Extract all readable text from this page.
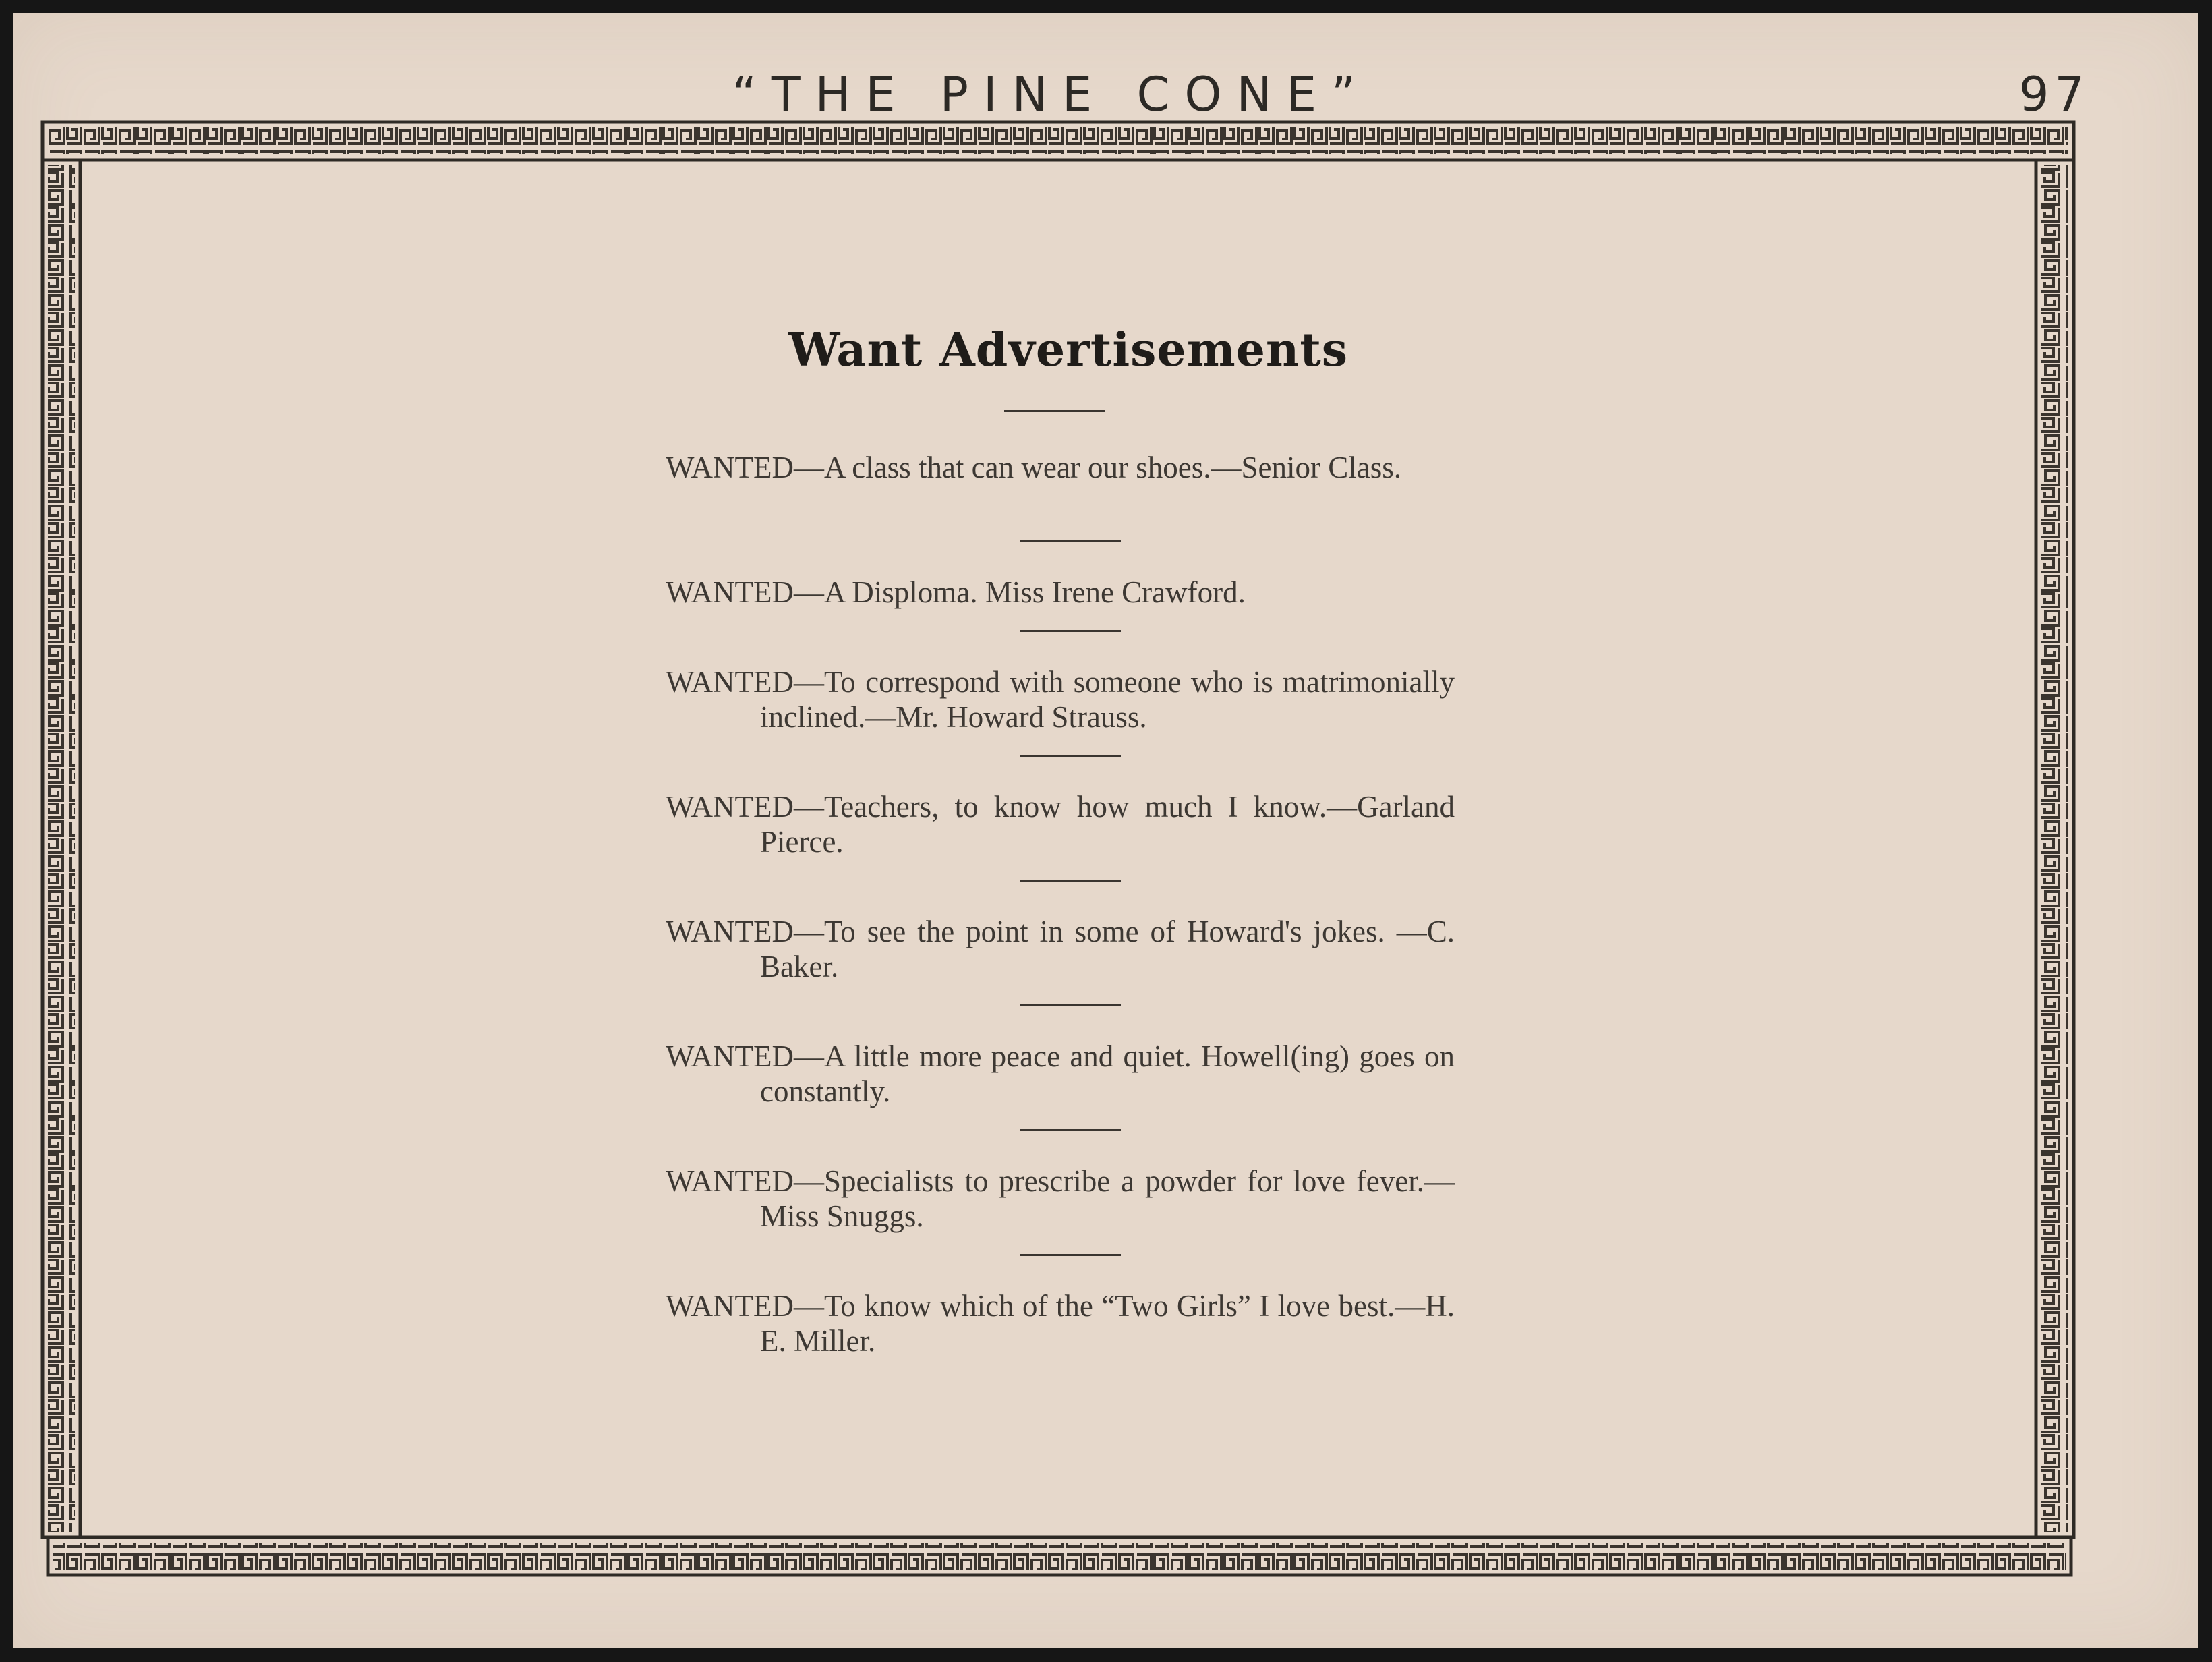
“THE PINE CONE”	97
Want Advertisements

WANTED—A class that can wear our shoes.—Senior Class.

WANTED—A Disploma. Miss Irene Crawford.

WANTED—To correspond with someone who is matrimonially inclined.—Mr. Howard Strauss.

WANTED—Teachers, to know how much I know.—Garland Pierce.

WANTED—To see the point in some of Howard's jokes. —C. Baker.

WANTED—A little more peace and quiet. Howell(ing) goes on constantly.

WANTED—Specialists to prescribe a powder for love fever.—Miss Snuggs.

WANTED—To know which of the “Two Girls” I love best.—H. E. Miller.
